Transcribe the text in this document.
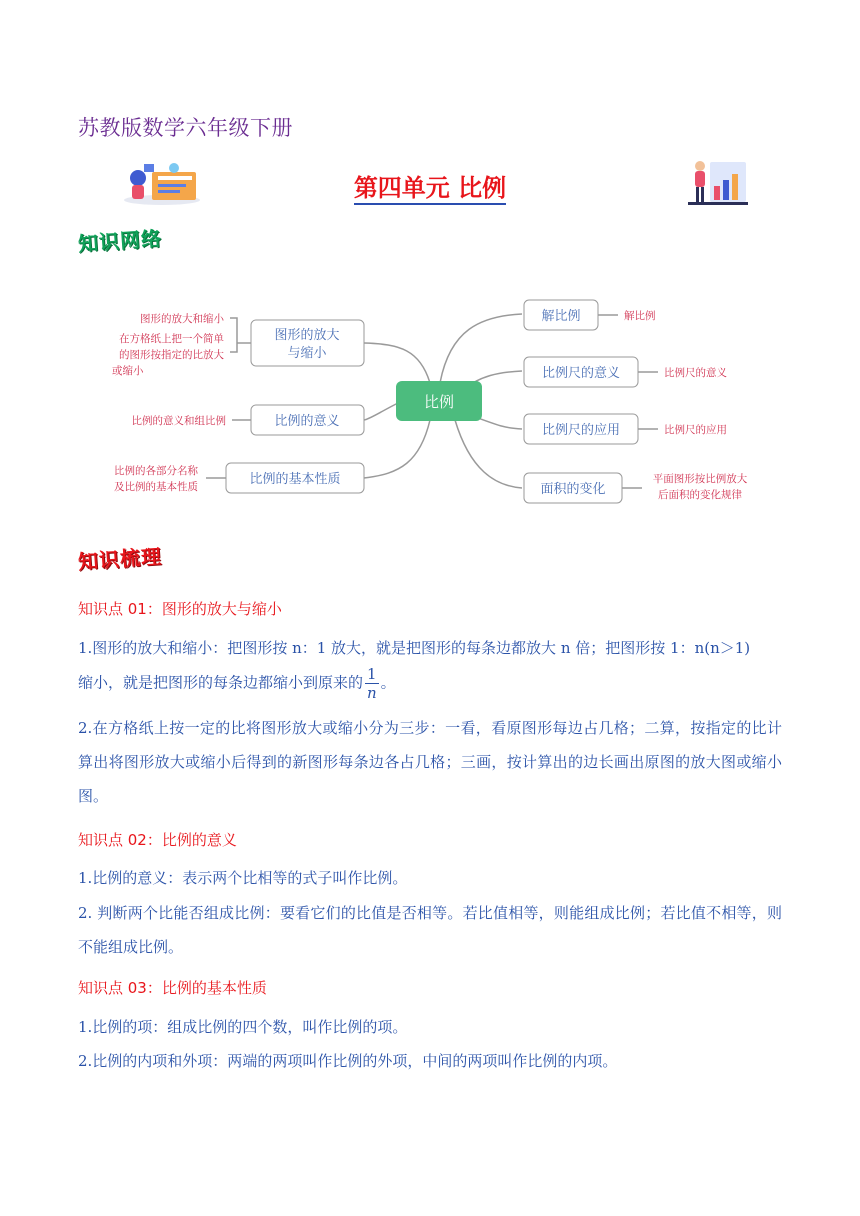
苏教版数学六年级下册
第四单元 比例
知识网络
比例
图形的放大
与缩小
比例的意义
比例的基本性质
解比例
比例尺的意义
比例尺的应用
面积的变化
图形的放大和缩小
在方格纸上把一个简单
的图形按指定的比放大
或缩小
比例的意义和组比例
比例的各部分名称
及比例的基本性质
解比例
比例尺的意义
比例尺的应用
平面图形按比例放大
后面积的变化规律
知识梳理
知识点 01：图形的放大与缩小
1.图形的放大和缩小：把图形按 n：1 放大，就是把图形的每条边都放大 n 倍；把图形按 1：n(n＞1)
缩小，就是把图形的每条边都缩小到原来的 $\frac{1}{n}$ 。
2.在方格纸上按一定的比将图形放大或缩小分为三步：一看，看原图形每边占几格；二算，按指定的比计算出将图形放大或缩小后得到的新图形每条边各占几格；三画，按计算出的边长画出原图的放大图或缩小图。
知识点 02：比例的意义
1.比例的意义：表示两个比相等的式子叫作比例。
2. 判断两个比能否组成比例：要看它们的比值是否相等。若比值相等，则能组成比例；若比值不相等，则不能组成比例。
知识点 03：比例的基本性质
1.比例的项：组成比例的四个数，叫作比例的项。
2.比例的内项和外项：两端的两项叫作比例的外项，中间的两项叫作比例的内项。
